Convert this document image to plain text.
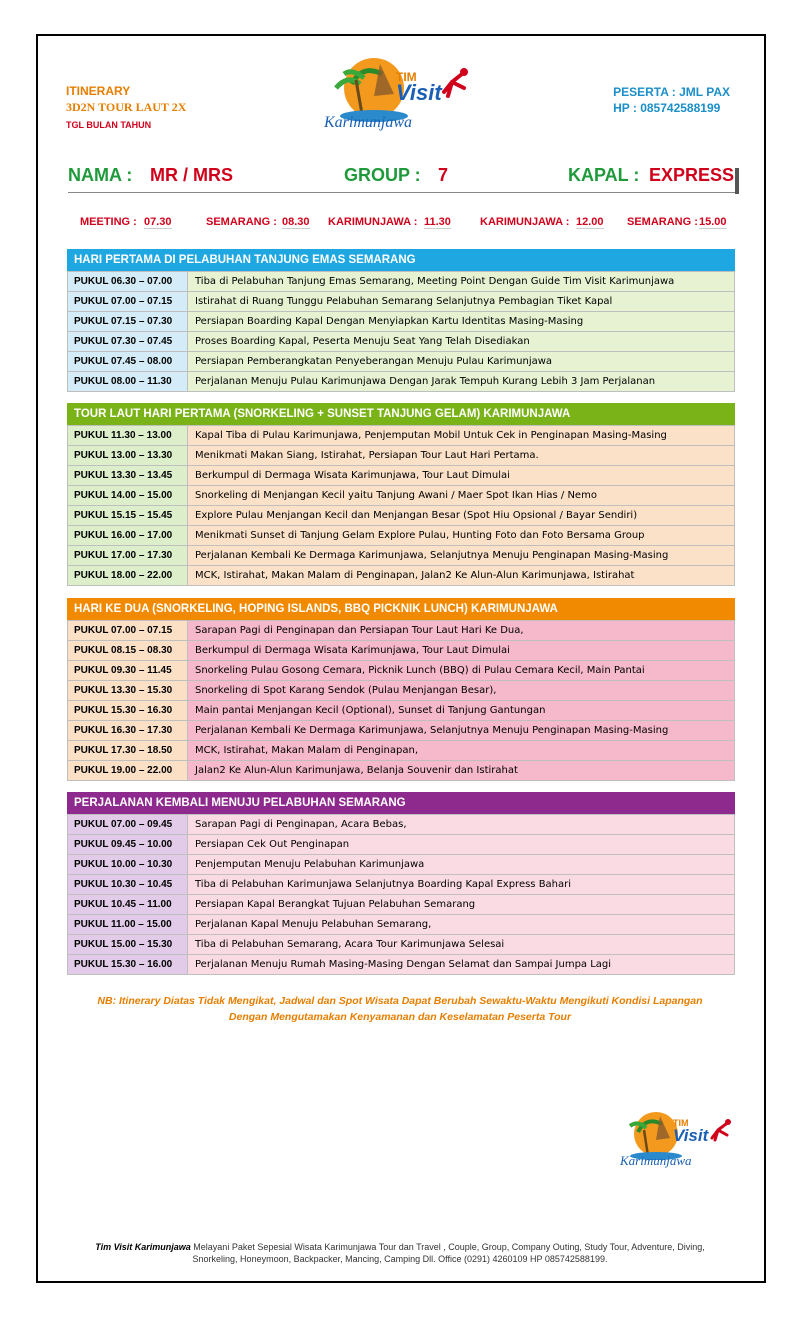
ITINERARY
3D2N TOUR LAUT 2X
TGL BULAN TAHUN
TIM
Visit
Karimunjawa
PESERTA : JML PAX
HP : 085742588199
NAMA : MR / MRS	GROUP : 7	KAPAL : EXPRESS
MEETING : 07.30	SEMARANG : 08.30 KARIMUNJAWA : 11.30	KARIMUNJAWA : 12.00 SEMARANG : 15.00
HARI PERTAMA DI PELABUHAN TANJUNG EMAS SEMARANG
PUKUL 06.30 – 07.00	Tiba di Pelabuhan Tanjung Emas Semarang, Meeting Point Dengan Guide Tim Visit Karimunjawa
PUKUL 07.00 – 07.15	Istirahat di Ruang Tunggu Pelabuhan Semarang Selanjutnya Pembagian Tiket Kapal
PUKUL 07.15 – 07.30	Persiapan Boarding Kapal Dengan Menyiapkan Kartu Identitas Masing-Masing
PUKUL 07.30 – 07.45	Proses Boarding Kapal, Peserta Menuju Seat Yang Telah Disediakan
PUKUL 07.45 – 08.00	Persiapan Pemberangkatan Penyeberangan Menuju Pulau Karimunjawa
PUKUL 08.00 – 11.30	Perjalanan Menuju Pulau Karimunjawa Dengan Jarak Tempuh Kurang Lebih 3 Jam Perjalanan
TOUR LAUT HARI PERTAMA (SNORKELING + SUNSET TANJUNG GELAM) KARIMUNJAWA
PUKUL 11.30 – 13.00	Kapal Tiba di Pulau Karimunjawa, Penjemputan Mobil Untuk Cek in Penginapan Masing-Masing
PUKUL 13.00 – 13.30	Menikmati Makan Siang, Istirahat, Persiapan Tour Laut Hari Pertama.
PUKUL 13.30 – 13.45	Berkumpul di Dermaga Wisata Karimunjawa, Tour Laut Dimulai
PUKUL 14.00 – 15.00	Snorkeling di Menjangan Kecil yaitu Tanjung Awani / Maer Spot Ikan Hias / Nemo
PUKUL 15.15 – 15.45	Explore Pulau Menjangan Kecil dan Menjangan Besar (Spot Hiu Opsional / Bayar Sendiri)
PUKUL 16.00 – 17.00	Menikmati Sunset di Tanjung Gelam Explore Pulau, Hunting Foto dan Foto Bersama Group
PUKUL 17.00 – 17.30	Perjalanan Kembali Ke Dermaga Karimunjawa, Selanjutnya Menuju Penginapan Masing-Masing
PUKUL 18.00 – 22.00	MCK, Istirahat, Makan Malam di Penginapan, Jalan2 Ke Alun-Alun Karimunjawa, Istirahat
HARI KE DUA (SNORKELING, HOPING ISLANDS, BBQ PICKNIK LUNCH) KARIMUNJAWA
PUKUL 07.00 – 07.15	Sarapan Pagi di Penginapan dan Persiapan Tour Laut Hari Ke Dua,
PUKUL 08.15 – 08.30	Berkumpul di Dermaga Wisata Karimunjawa, Tour Laut Dimulai
PUKUL 09.30 – 11.45	Snorkeling Pulau Gosong Cemara, Picknik Lunch (BBQ) di Pulau Cemara Kecil, Main Pantai
PUKUL 13.30 – 15.30	Snorkeling di Spot Karang Sendok (Pulau Menjangan Besar),
PUKUL 15.30 – 16.30	Main pantai Menjangan Kecil (Optional), Sunset di Tanjung Gantungan
PUKUL 16.30 – 17.30	Perjalanan Kembali Ke Dermaga Karimunjawa, Selanjutnya Menuju Penginapan Masing-Masing
PUKUL 17.30 – 18.50	MCK, Istirahat, Makan Malam di Penginapan,
PUKUL 19.00 – 22.00	Jalan2 Ke Alun-Alun Karimunjawa, Belanja Souvenir dan Istirahat
PERJALANAN KEMBALI MENUJU PELABUHAN SEMARANG
PUKUL 07.00 – 09.45	Sarapan Pagi di Penginapan, Acara Bebas,
PUKUL 09.45 – 10.00	Persiapan Cek Out Penginapan
PUKUL 10.00 – 10.30	Penjemputan Menuju Pelabuhan Karimunjawa
PUKUL 10.30 – 10.45	Tiba di Pelabuhan Karimunjawa Selanjutnya Boarding Kapal Express Bahari
PUKUL 10.45 – 11.00	Persiapan Kapal Berangkat Tujuan Pelabuhan Semarang
PUKUL 11.00 – 15.00	Perjalanan Kapal Menuju Pelabuhan Semarang,
PUKUL 15.00 – 15.30	Tiba di Pelabuhan Semarang, Acara Tour Karimunjawa Selesai
PUKUL 15.30 – 16.00	Perjalanan Menuju Rumah Masing-Masing Dengan Selamat dan Sampai Jumpa Lagi
NB: Itinerary Diatas Tidak Mengikat, Jadwal dan Spot Wisata Dapat Berubah Sewaktu-Waktu Mengikuti Kondisi Lapangan
Dengan Mengutamakan Kenyamanan dan Keselamatan Peserta Tour
TIM
Visit
Karimunjawa
Tim Visit Karimunjawa Melayani Paket Sepesial Wisata Karimunjawa Tour dan Travel , Couple, Group, Company Outing, Study Tour, Adventure, Diving,
Snorkeling, Honeymoon, Backpacker, Mancing, Camping Dll. Office (0291) 4260109 HP 085742588199.
